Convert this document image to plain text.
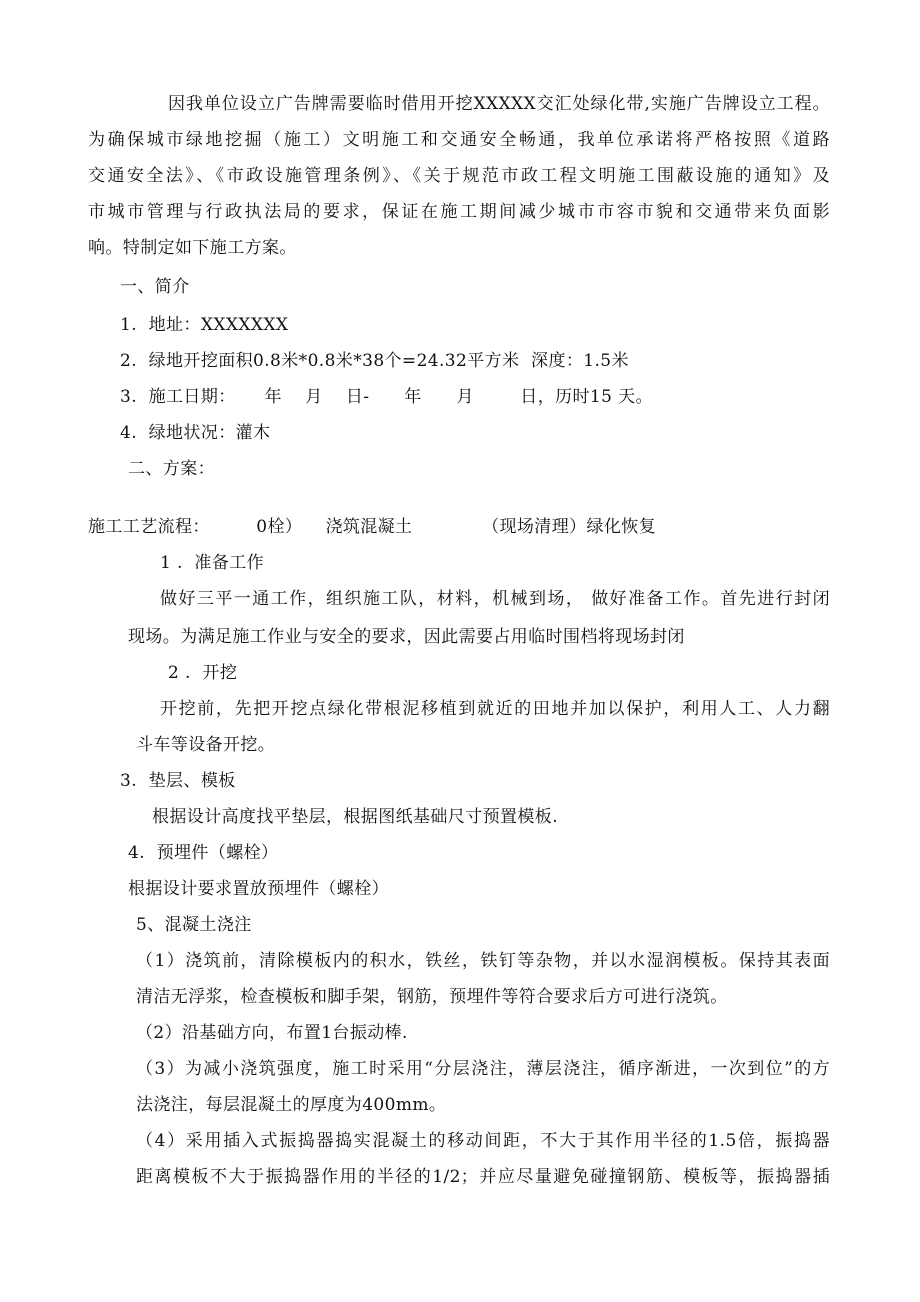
因我单位设立广告牌需要临时借用开挖XXXXX交汇处绿化带,实施广告牌设立工程。

为确保城市绿地挖掘（施工）文明施工和交通安全畅通，我单位承诺将严格按照《道路

交通安全法》、《市政设施管理条例》、《关于规范市政工程文明施工围蔽设施的通知》及

市城市管理与行政执法局的要求，保证在施工期间减少城市市容市貌和交通带来负面影

响。特制定如下施工方案。

一、简介

1.  地址：XXXXXXX

2.  绿地开挖面积0.8米*0.8米*38个=24.32平方米  深度：1.5米

3.  施工日期：     年    月    日-      年      月        日，历时15 天。

4.  绿地状况：灌木

二、方案：

施工工艺流程：        0栓）    浇筑混凝土            （现场清理）绿化恢复

1 .  准备工作

做好三平一通工作，组织施工队，材料，机械到场， 做好准备工作。首先进行封闭

现场。为满足施工作业与安全的要求，因此需要占用临时围档将现场封闭

2 .  开挖

开挖前，先把开挖点绿化带根泥移植到就近的田地并加以保护，利用人工、人力翻

斗车等设备开挖。

3.  垫层、模板

根据设计高度找平垫层，根据图纸基础尺寸预置模板.

4.  预埋件（螺栓）

根据设计要求置放预埋件（螺栓）

5、混凝土浇注

（1）浇筑前，清除模板内的积水，铁丝，铁钉等杂物，并以水湿润模板。保持其表面

清洁无浮浆，检查模板和脚手架，钢筋，预埋件等符合要求后方可进行浇筑。

（2）沿基础方向，布置1台振动棒.

（3）为减小浇筑强度，施工时采用“分层浇注，薄层浇注，循序渐进，一次到位”的方

法浇注，每层混凝土的厚度为400mm。

（4）采用插入式振捣器捣实混凝土的移动间距，不大于其作用半径的1.5倍，振捣器

距离模板不大于振捣器作用的半径的1/2；并应尽量避免碰撞钢筋、模板等，振捣器插
